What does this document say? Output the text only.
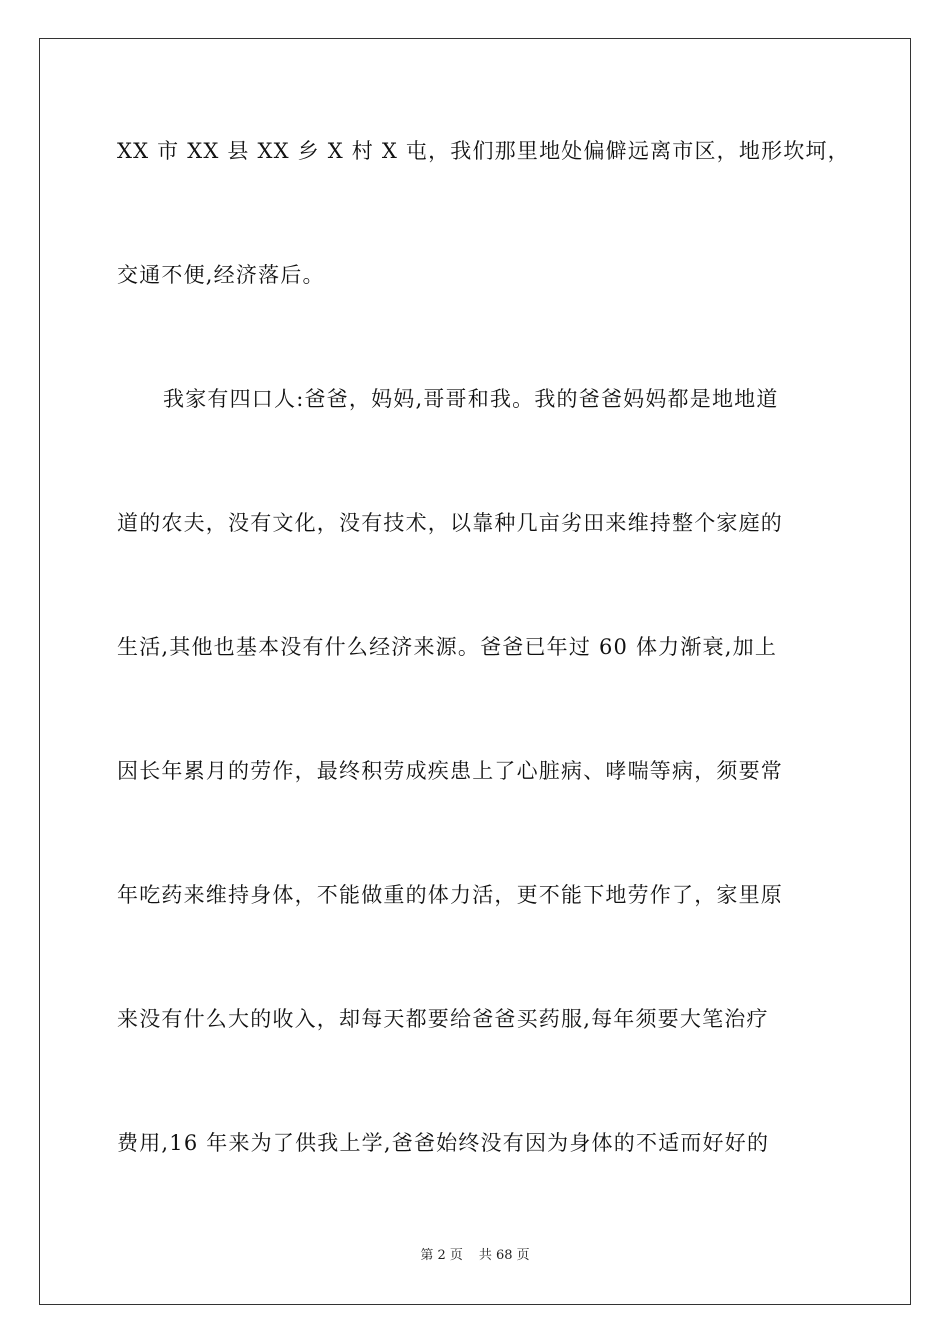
XX 市 XX 县 XX 乡 X 村 X 屯，我们那里地处偏僻远离市区，地形坎坷，
交通不便,经济落后。
我家有四口人:爸爸，妈妈,哥哥和我。我的爸爸妈妈都是地地道
道的农夫，没有文化，没有技术，以靠种几亩劣田来维持整个家庭的
生活,其他也基本没有什么经济来源。爸爸已年过 60 体力渐衰,加上
因长年累月的劳作，最终积劳成疾患上了心脏病、哮喘等病，须要常
年吃药来维持身体，不能做重的体力活，更不能下地劳作了，家里原
来没有什么大的收入，却每天都要给爸爸买药服,每年须要大笔治疗
费用,16 年来为了供我上学,爸爸始终没有因为身体的不适而好好的
第 2 页 共 68 页
